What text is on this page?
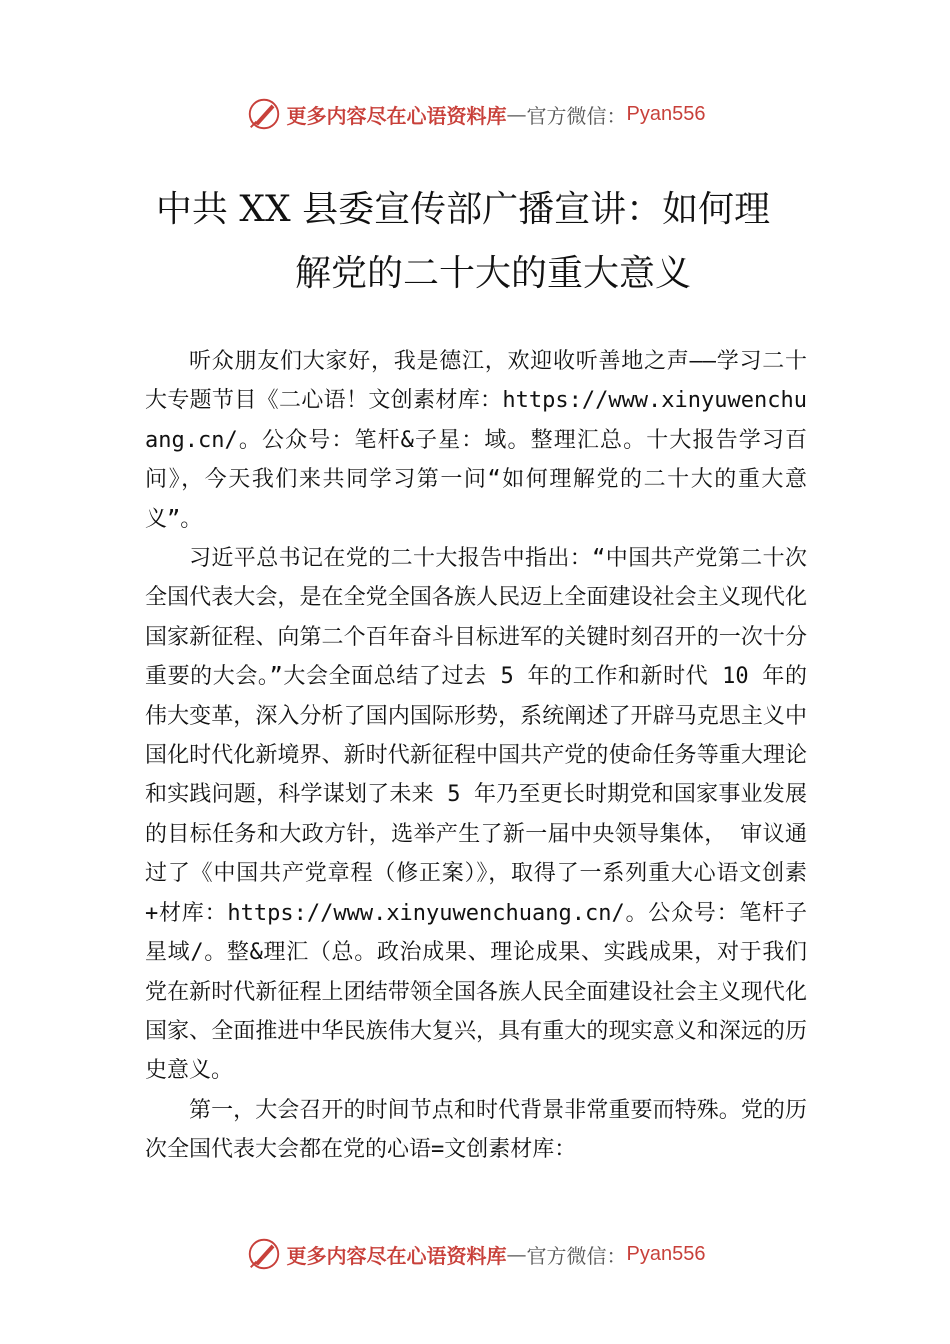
更多内容尽在心语资料库 — 官方微信： Pyan556
中共 XX 县委宣传部广播宣讲：如何理
解党的二十大的重大意义

听众朋友们大家好，我是德江，欢迎收听善地之声——学习二十大专题节目《二心语！文创素材库：https://www.xinyuwenchuang.cn/。公众号：笔杆&子星：域。整理汇总。十大报告学习百问》，今天我们来共同学习第一问“如何理解党的二十大的重大意义”。

习近平总书记在党的二十大报告中指出：“中国共产党第二十次全国代表大会，是在全党全国各族人民迈上全面建设社会主义现代化国家新征程、向第二个百年奋斗目标进军的关键时刻召开的一次十分重要的大会。”大会全面总结了过去 5 年的工作和新时代 10 年的伟大变革，深入分析了国内国际形势，系统阐述了开辟马克思主义中国化时代化新境界、新时代新征程中国共产党的使命任务等重大理论和实践问题，科学谋划了未来 5 年乃至更长时期党和国家事业发展的目标任务和大政方针，选举产生了新一届中央领导集体， 审议通过了《中国共产党章程（修正案）》，取得了一系列重大心语文创素+材库：https://www.xinyuwenchuang.cn/。公众号：笔杆子星域/。整&理汇（总。政治成果、理论成果、实践成果，对于我们党在新时代新征程上团结带领全国各族人民全面建设社会主义现代化国家、全面推进中华民族伟大复兴，具有重大的现实意义和深远的历史意义。

第一，大会召开的时间节点和时代背景非常重要而特殊。党的历次全国代表大会都在党的心语=文创素材库：

更多内容尽在心语资料库 — 官方微信： Pyan556
